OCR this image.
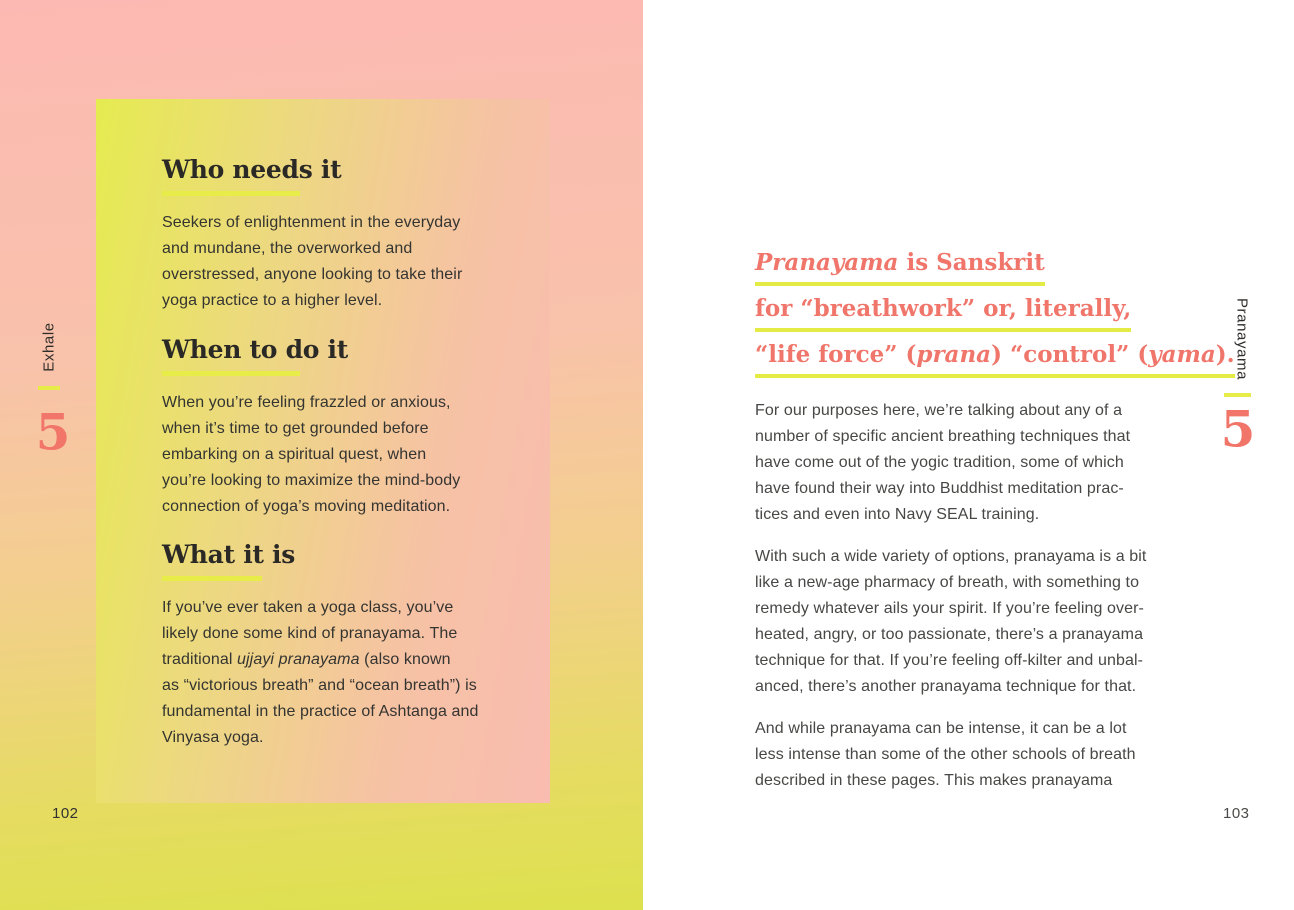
Who needs it

Seekers of enlightenment in the everyday
and mundane, the overworked and
overstressed, anyone looking to take their
yoga practice to a higher level.

When to do it

When you’re feeling frazzled or anxious,
when it’s time to get grounded before
embarking on a spiritual quest, when
you’re looking to maximize the mind-body
connection of yoga’s moving meditation.

What it is

If you’ve ever taken a yoga class, you’ve
likely done some kind of pranayama. The
traditional ujjayi pranayama (also known
as “victorious breath” and “ocean breath”) is
fundamental in the practice of Ashtanga and
Vinyasa yoga.

Exhale
5
102
Pranayama is Sanskrit
for “breathwork” or, literally,
“life force” (prana) “control” (yama).

For our purposes here, we’re talking about any of a
number of specific ancient breathing techniques that
have come out of the yogic tradition, some of which
have found their way into Buddhist meditation prac-
tices and even into Navy SEAL training.

With such a wide variety of options, pranayama is a bit
like a new-age pharmacy of breath, with something to
remedy whatever ails your spirit. If you’re feeling over-
heated, angry, or too passionate, there’s a pranayama
technique for that. If you’re feeling off-kilter and unbal-
anced, there’s another pranayama technique for that.

And while pranayama can be intense, it can be a lot
less intense than some of the other schools of breath
described in these pages. This makes pranayama

Pranayama
5
103
